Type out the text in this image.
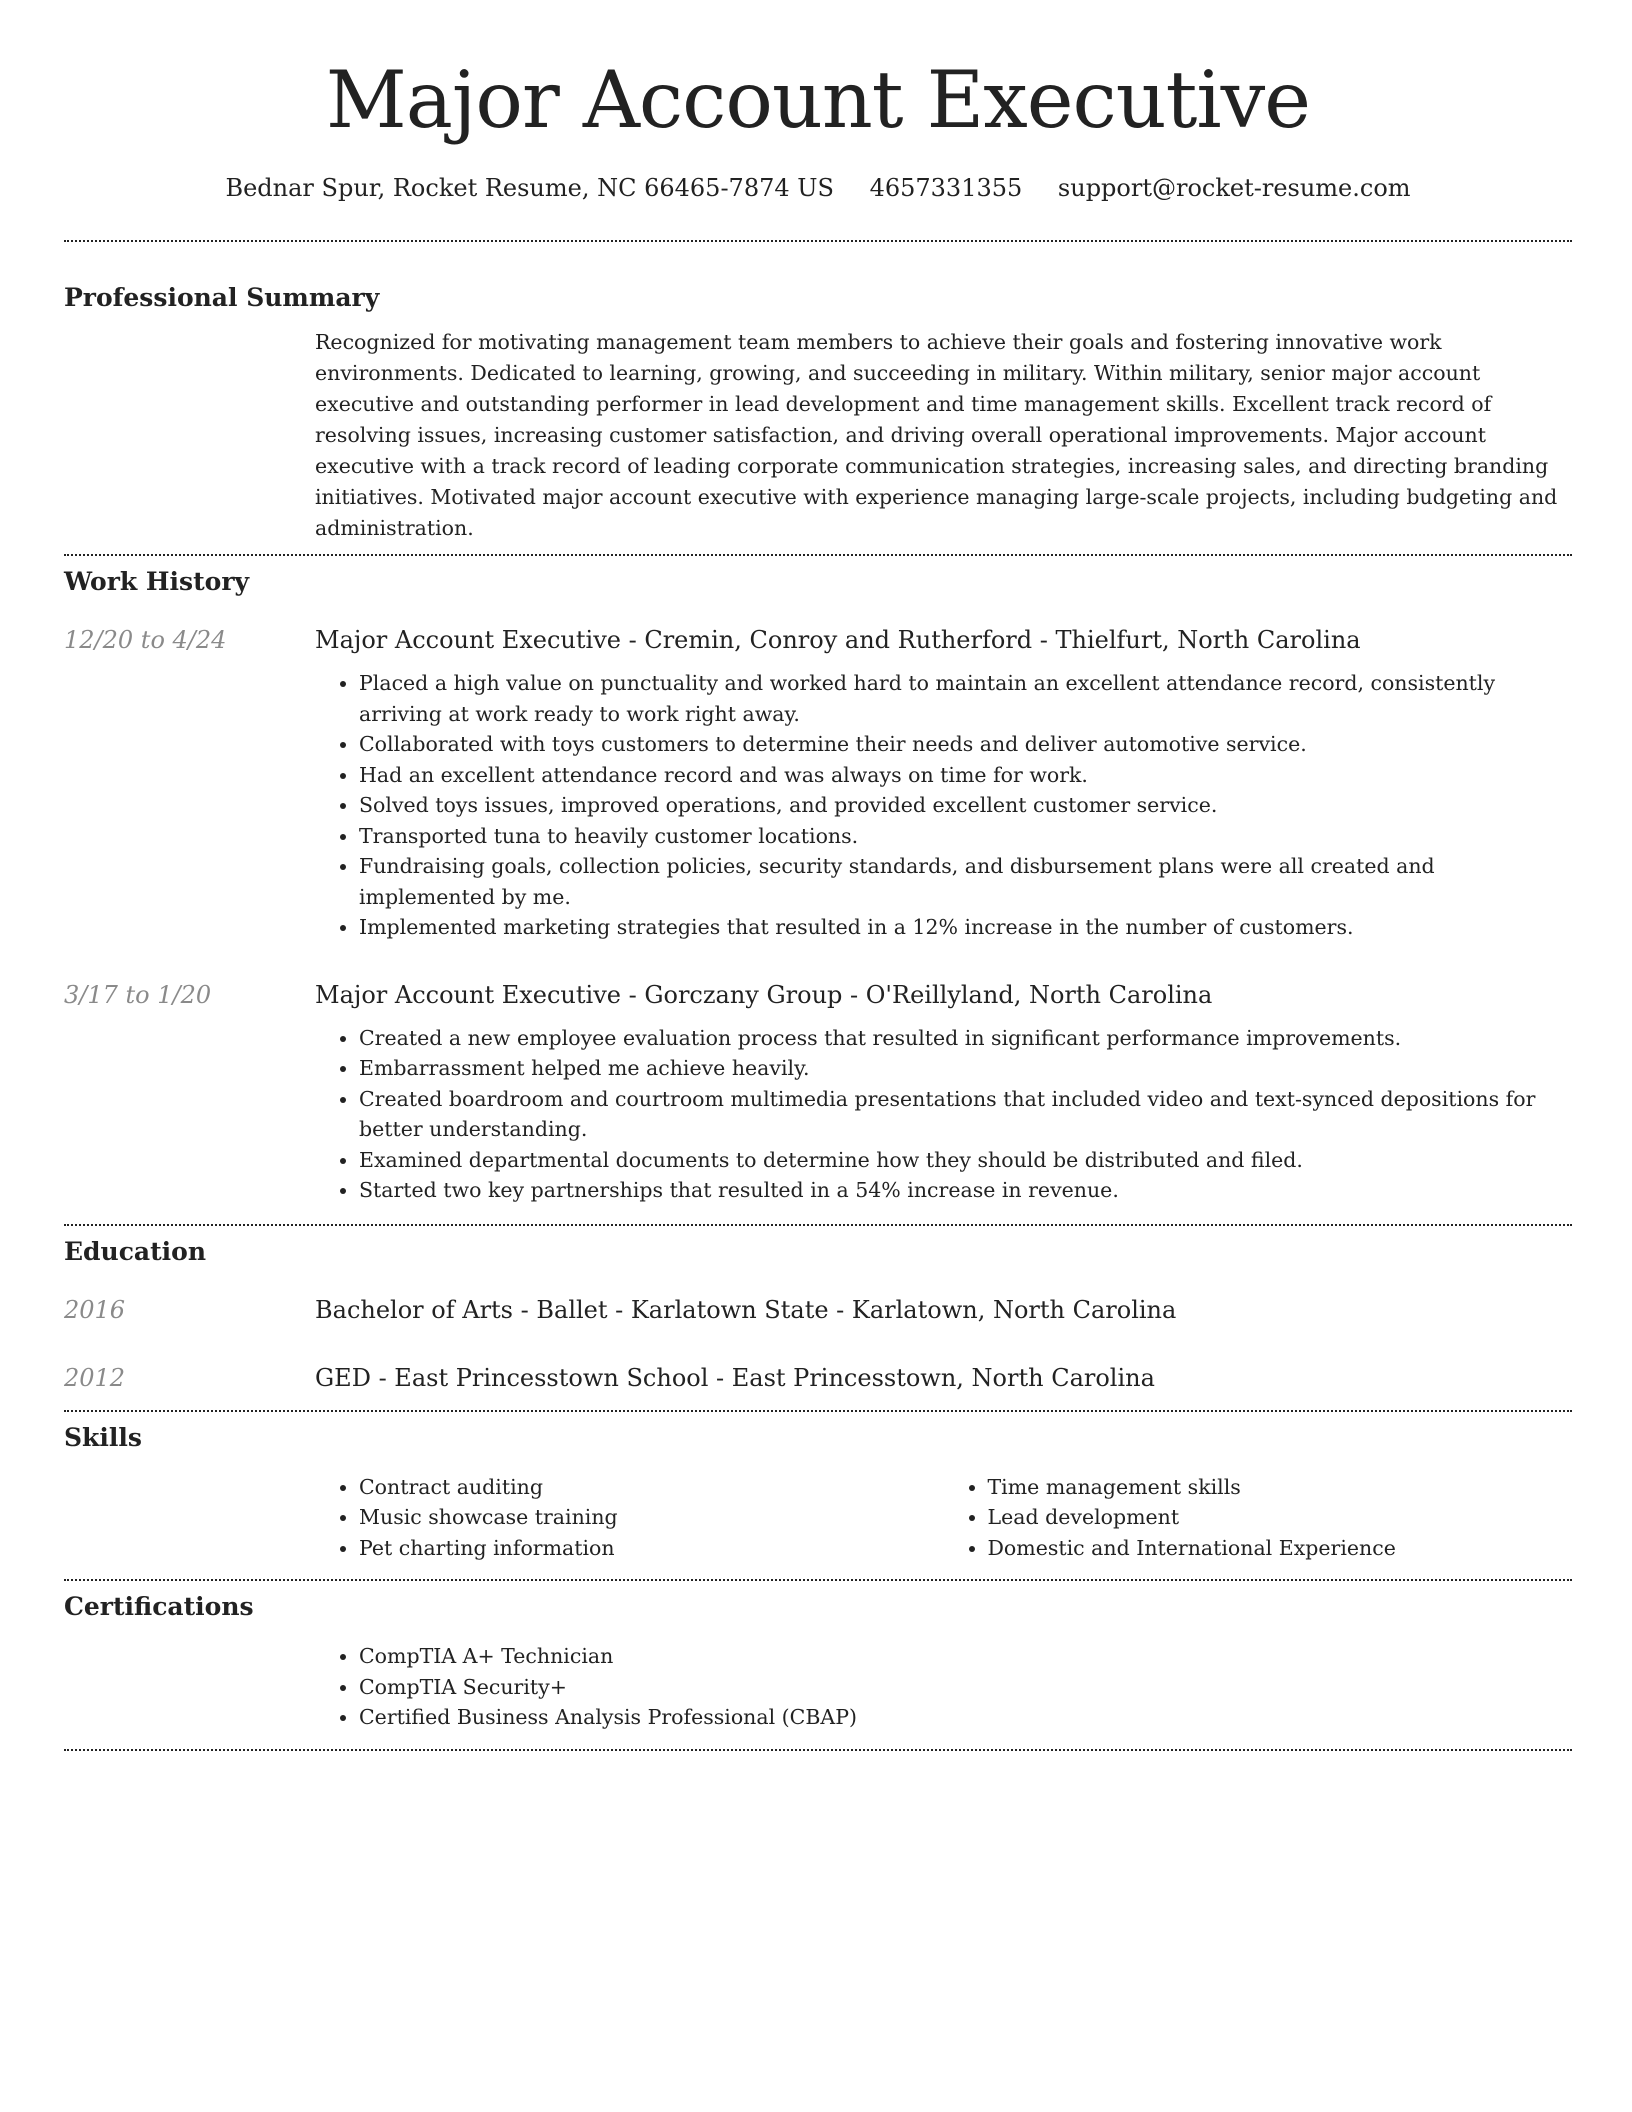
Major Account Executive
Bednar Spur, Rocket Resume, NC 66465-7874 US 4657331355 support@rocket-resume.com
Professional Summary

Recognized for motivating management team members to achieve their goals and fostering innovative work environments. Dedicated to learning, growing, and succeeding in military. Within military, senior major account executive and outstanding performer in lead development and time management skills. Excellent track record of resolving issues, increasing customer satisfaction, and driving overall operational improvements. Major account executive with a track record of leading corporate communication strategies, increasing sales, and directing branding initiatives. Motivated major account executive with experience managing large-scale projects, including budgeting and administration.

Work History
12/20 to 4/24	Major Account Executive - Cremin, Conroy and Rutherford - Thielfurt, North Carolina
• Placed a high value on punctuality and worked hard to maintain an excellent attendance record, consistently arriving at work ready to work right away.
• Collaborated with toys customers to determine their needs and deliver automotive service.
• Had an excellent attendance record and was always on time for work.
• Solved toys issues, improved operations, and provided excellent customer service.
• Transported tuna to heavily customer locations.
• Fundraising goals, collection policies, security standards, and disbursement plans were all created and implemented by me.
• Implemented marketing strategies that resulted in a 12% increase in the number of customers.
3/17 to 1/20	Major Account Executive - Gorczany Group - O'Reillyland, North Carolina
• Created a new employee evaluation process that resulted in significant performance improvements.
• Embarrassment helped me achieve heavily.
• Created boardroom and courtroom multimedia presentations that included video and text-synced depositions for better understanding.
• Examined departmental documents to determine how they should be distributed and filed.
• Started two key partnerships that resulted in a 54% increase in revenue.
Education
2016	Bachelor of Arts - Ballet - Karlatown State - Karlatown, North Carolina
2012	GED - East Princesstown School - East Princesstown, North Carolina
Skills
• Contract auditing
• Music showcase training
• Pet charting information
• Time management skills
• Lead development
• Domestic and International Experience
Certifications
• CompTIA A+ Technician
• CompTIA Security+
• Certified Business Analysis Professional (CBAP)
